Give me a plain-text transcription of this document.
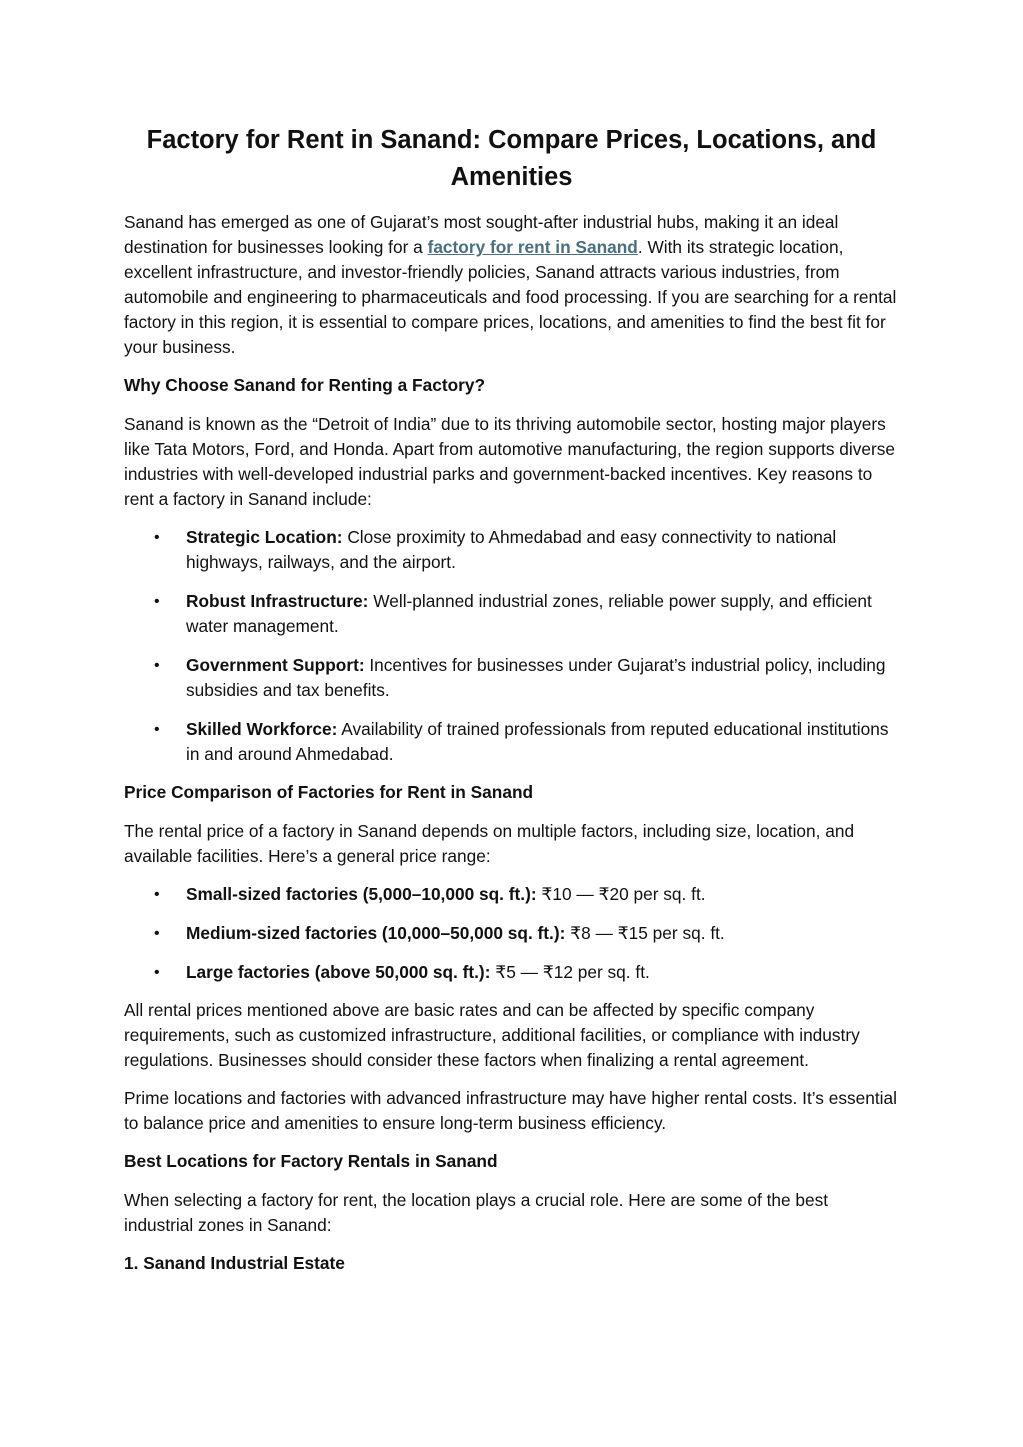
Factory for Rent in Sanand: Compare Prices, Locations, and Amenities

Sanand has emerged as one of Gujarat’s most sought-after industrial hubs, making it an ideal destination for businesses looking for a factory for rent in Sanand. With its strategic location, excellent infrastructure, and investor-friendly policies, Sanand attracts various industries, from automobile and engineering to pharmaceuticals and food processing. If you are searching for a rental factory in this region, it is essential to compare prices, locations, and amenities to find the best fit for your business.

Why Choose Sanand for Renting a Factory?

Sanand is known as the “Detroit of India” due to its thriving automobile sector, hosting major players like Tata Motors, Ford, and Honda. Apart from automotive manufacturing, the region supports diverse industries with well-developed industrial parks and government-backed incentives. Key reasons to rent a factory in Sanand include:

• Strategic Location: Close proximity to Ahmedabad and easy connectivity to national highways, railways, and the airport.
• Robust Infrastructure: Well-planned industrial zones, reliable power supply, and efficient water management.
• Government Support: Incentives for businesses under Gujarat’s industrial policy, including subsidies and tax benefits.
• Skilled Workforce: Availability of trained professionals from reputed educational institutions in and around Ahmedabad.

Price Comparison of Factories for Rent in Sanand

The rental price of a factory in Sanand depends on multiple factors, including size, location, and available facilities. Here’s a general price range:

• Small-sized factories (5,000–10,000 sq. ft.): ₹10 — ₹20 per sq. ft.
• Medium-sized factories (10,000–50,000 sq. ft.): ₹8 — ₹15 per sq. ft.
• Large factories (above 50,000 sq. ft.): ₹5 — ₹12 per sq. ft.

All rental prices mentioned above are basic rates and can be affected by specific company requirements, such as customized infrastructure, additional facilities, or compliance with industry regulations. Businesses should consider these factors when finalizing a rental agreement.

Prime locations and factories with advanced infrastructure may have higher rental costs. It’s essential to balance price and amenities to ensure long-term business efficiency.

Best Locations for Factory Rentals in Sanand

When selecting a factory for rent, the location plays a crucial role. Here are some of the best industrial zones in Sanand:

1. Sanand Industrial Estate
